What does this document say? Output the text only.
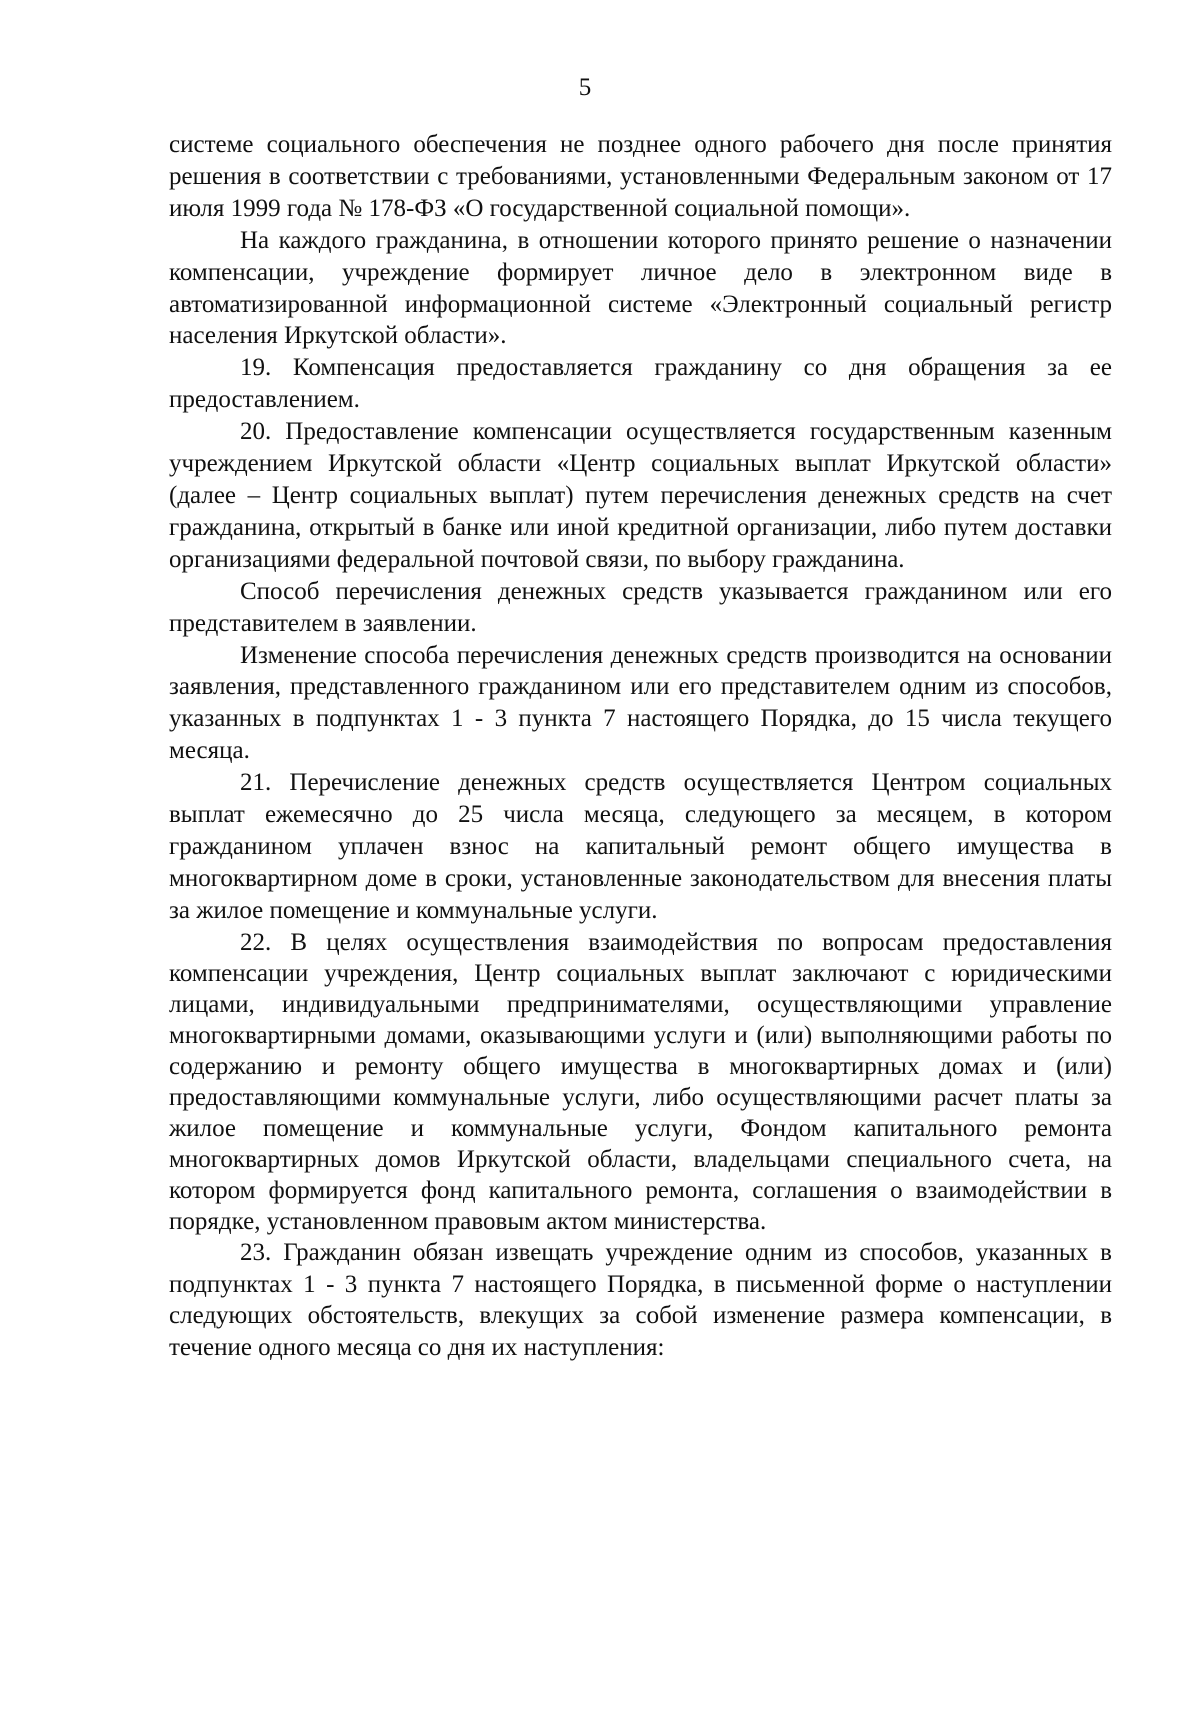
5

системе социального обеспечения не позднее одного рабочего дня после принятия решения в соответствии с требованиями, установленными Федеральным законом от 17 июля 1999 года № 178-ФЗ «О государственной социальной помощи».

На каждого гражданина, в отношении которого принято решение о назначении компенсации, учреждение формирует личное дело в электронном виде в автоматизированной информационной системе «Электронный социальный регистр населения Иркутской области».

19. Компенсация предоставляется гражданину со дня обращения за ее предоставлением.

20. Предоставление компенсации осуществляется государственным казенным учреждением Иркутской области «Центр социальных выплат Иркутской области» (далее – Центр социальных выплат) путем перечисления денежных средств на счет гражданина, открытый в банке или иной кредитной организации, либо путем доставки организациями федеральной почтовой связи, по выбору гражданина.

Способ перечисления денежных средств указывается гражданином или его представителем в заявлении.

Изменение способа перечисления денежных средств производится на основании заявления, представленного гражданином или его представителем одним из способов, указанных в подпунктах 1 - 3 пункта 7 настоящего Порядка, до 15 числа текущего месяца.

21. Перечисление денежных средств осуществляется Центром социальных выплат ежемесячно до 25 числа месяца, следующего за месяцем, в котором гражданином уплачен взнос на капитальный ремонт общего имущества в многоквартирном доме в сроки, установленные законодательством для внесения платы за жилое помещение и коммунальные услуги.

22. В целях осуществления взаимодействия по вопросам предоставления компенсации учреждения, Центр социальных выплат заключают с юридическими лицами, индивидуальными предпринимателями, осуществляющими управление многоквартирными домами, оказывающими услуги и (или) выполняющими работы по содержанию и ремонту общего имущества в многоквартирных домах и (или) предоставляющими коммунальные услуги, либо осуществляющими расчет платы за жилое помещение и коммунальные услуги, Фондом капитального ремонта многоквартирных домов Иркутской области, владельцами специального счета, на котором формируется фонд капитального ремонта, соглашения о взаимодействии в порядке, установленном правовым актом министерства.

23. Гражданин обязан извещать учреждение одним из способов, указанных в подпунктах 1 - 3 пункта 7 настоящего Порядка, в письменной форме о наступлении следующих обстоятельств, влекущих за собой изменение размера компенсации, в течение одного месяца со дня их наступления:
